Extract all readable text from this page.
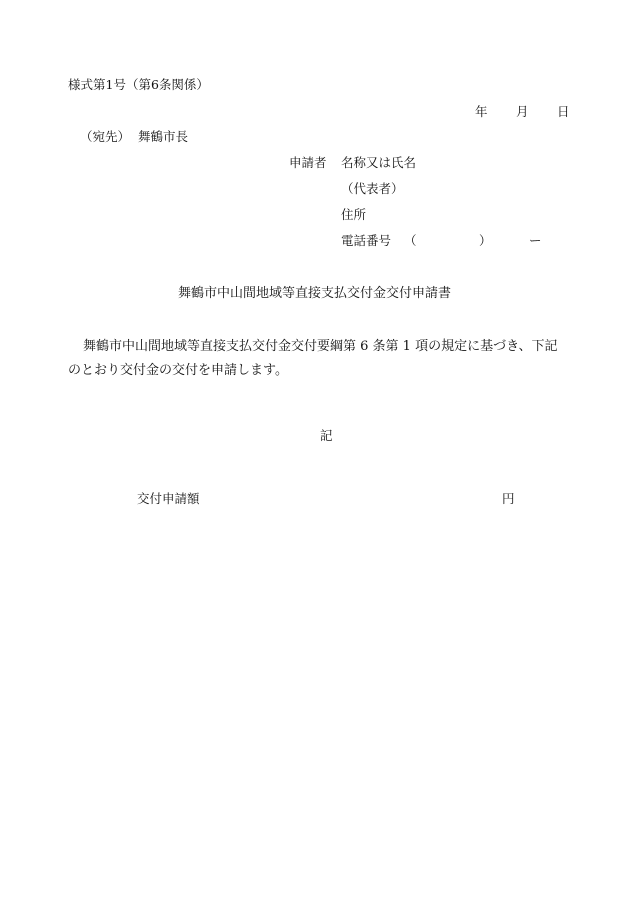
様式第1号（第6条関係）
年 月 日
（宛先） 舞鶴市長
申請者 名称又は氏名
（代表者）
住所
電話番号 （	）	ー
舞鶴市中山間地域等直接支払交付金交付申請書
舞鶴市中山間地域等直接支払交付金交付要綱第 6 条第 1 項の規定に基づき、下記
のとおり交付金の交付を申請します。
記
交付申請額	円
